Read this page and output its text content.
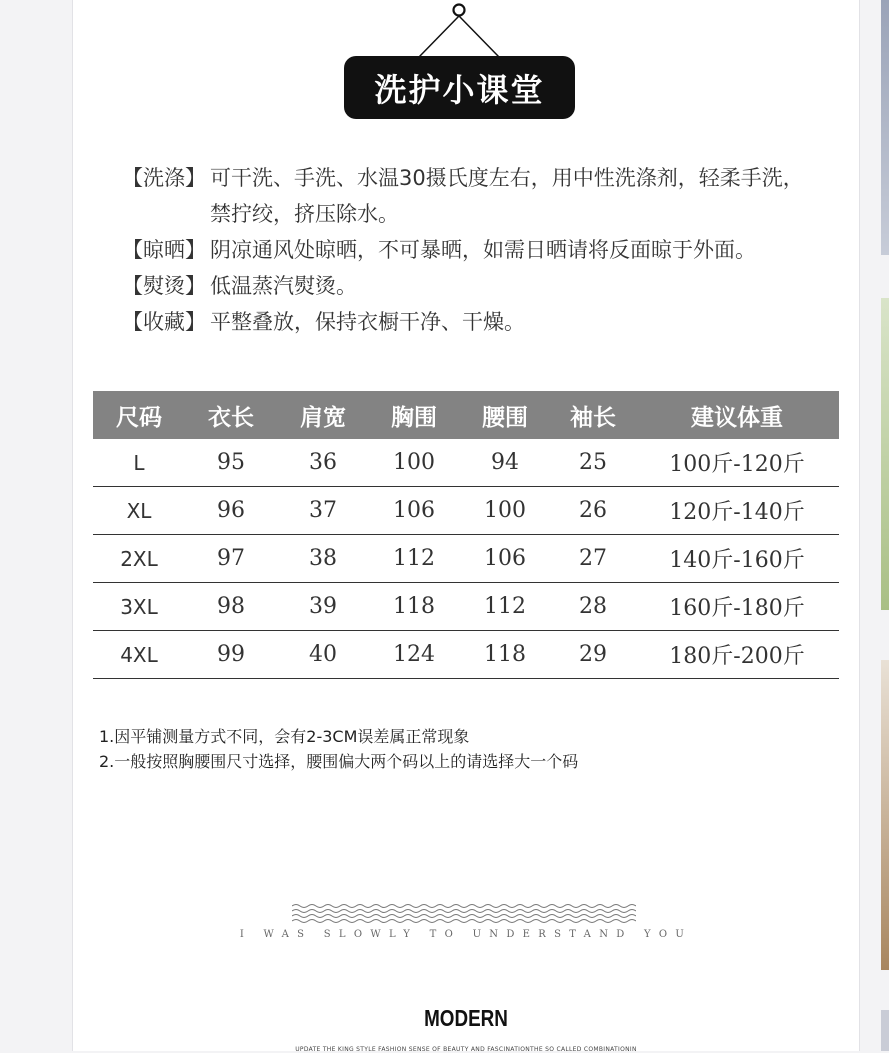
洗护小课堂
【洗涤】 可干洗、手洗、水温30摄氏度左右，用中性洗涤剂，轻柔手洗，禁拧绞，挤压除水。
【晾晒】 阴凉通风处晾晒，不可暴晒，如需日晒请将反面晾于外面。
【熨烫】 低温蒸汽熨烫。
【收藏】 平整叠放，保持衣橱干净、干燥。
尺码	衣长	肩宽	胸围	腰围	袖长	建议体重
L	95	36	100	94	25	100斤-120斤
XL	96	37	106	100	26	120斤-140斤
2XL	97	38	112	106	27	140斤-160斤
3XL	98	39	118	112	28	160斤-180斤
4XL	99	40	124	118	29	180斤-200斤
1.因平铺测量方式不同，会有2-3CM误差属正常现象
2.一般按照胸腰围尺寸选择，腰围偏大两个码以上的请选择大一个码
I WAS SLOWLY TO UNDERSTAND YOU
MODERN
UPDATE THE KING STYLE FASHION SENSE OF BEAUTY AND FASCINATIONTHE SO CALLED COMBINATIONIN
